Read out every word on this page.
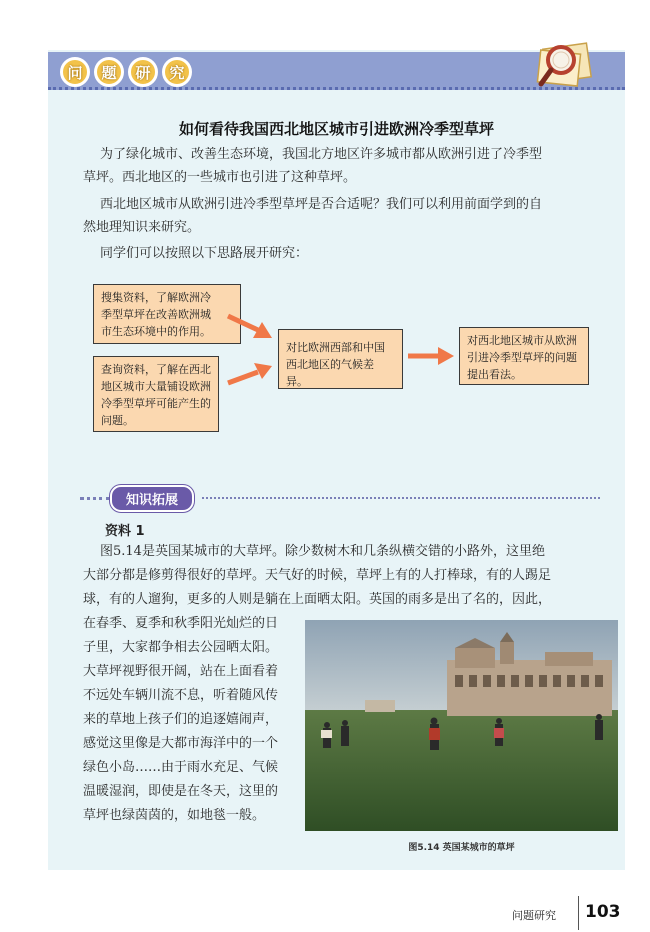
问	题	研	究
如何看待我国西北地区城市引进欧洲冷季型草坪
为了绿化城市、改善生态环境，我国北方地区许多城市都从欧洲引进了冷季型
草坪。西北地区的一些城市也引进了这种草坪。
西北地区城市从欧洲引进冷季型草坪是否合适呢？我们可以利用前面学到的自
然地理知识来研究。
同学们可以按照以下思路展开研究：
搜集资料，了解欧洲冷
季型草坪在改善欧洲城
市生态环境中的作用。
查询资料，了解在西北
地区城市大量铺设欧洲
冷季型草坪可能产生的
问题。
对比欧洲西部和中国
西北地区的气候差异。
对西北地区城市从欧洲
引进冷季型草坪的问题
提出看法。
知识拓展
资料 1
图5.14是英国某城市的大草坪。除少数树木和几条纵横交错的小路外，这里绝
大部分都是修剪得很好的草坪。天气好的时候，草坪上有的人打棒球，有的人踢足
球，有的人遛狗，更多的人则是躺在上面晒太阳。英国的雨多是出了名的，因此，
在春季、夏季和秋季阳光灿烂的日
子里，大家都争相去公园晒太阳。
大草坪视野很开阔，站在上面看着
不远处车辆川流不息，听着随风传
来的草地上孩子们的追逐嬉闹声，
感觉这里像是大都市海洋中的一个
绿色小岛……由于雨水充足、气候
温暖湿润，即使是在冬天，这里的
草坪也绿茵茵的，如地毯一般。
图5.14 英国某城市的草坪
问题研究 103
